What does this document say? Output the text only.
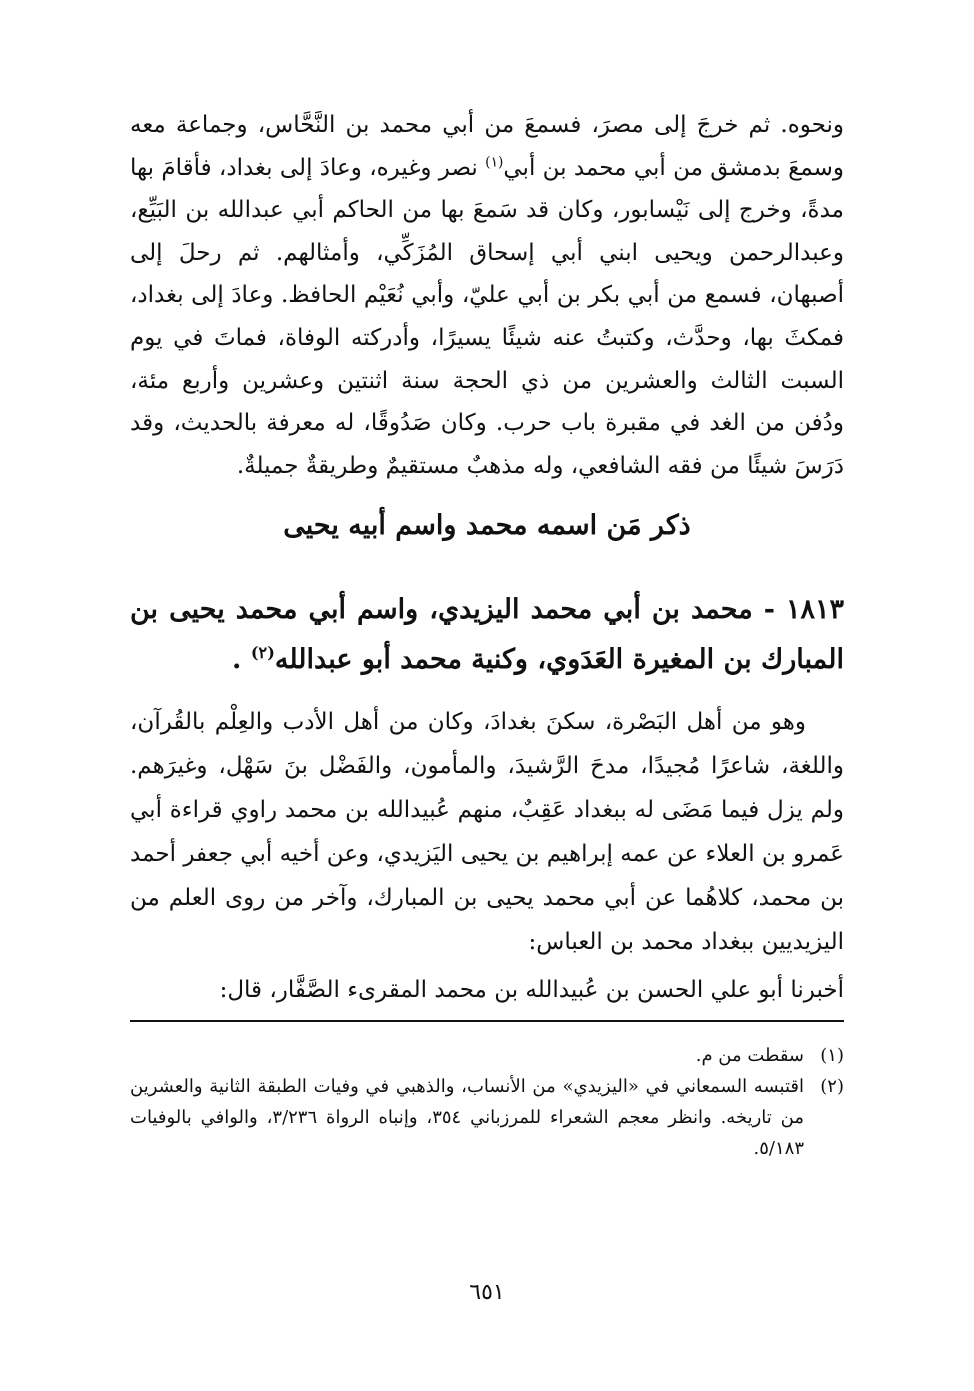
ونحوه. ثم خرجَ إلى مصرَ، فسمعَ من أبي محمد بن النَّحَّاس، وجماعة معه وسمعَ بدمشق من أبي محمد بن أبي$^{(١)}$ نصر وغيره، وعادَ إلى بغداد، فأقامَ بها مدةً، وخرج إلى نَيْسابور، وكان قد سَمعَ بها من الحاكم أبي عبدالله بن البَيِّع، وعبدالرحمن ويحيى ابني أبي إسحاق المُزَكِّي، وأمثالهم. ثم رحلَ إلى أصبهان، فسمع من أبي بكر بن أبي عليّ، وأبي نُعَيْم الحافظ. وعادَ إلى بغداد، فمكثَ بها، وحدَّث، وكتبتُ عنه شيئًا يسيرًا، وأدركته الوفاة، فماتَ في يوم السبت الثالث والعشرين من ذي الحجة سنة اثنتين وعشرين وأربع مئة، ودُفن من الغد في مقبرة باب حرب. وكان صَدُوقًا، له معرفة بالحديث، وقد دَرَسَ شيئًا من فقه الشافعي، وله مذهبٌ مستقيمٌ وطريقةٌ جميلةٌ.

ذكر مَن اسمه محمد واسم أبيه يحيى

١٨١٣ - محمد بن أبي محمد اليزيدي، واسم أبي محمد يحيى بن المبارك بن المغيرة العَدَوي، وكنية محمد أبو عبدالله$^{(٢)}$ .

وهو من أهل البَصْرة، سكنَ بغدادَ، وكان من أهل الأدب والعِلْم بالقُرآن، واللغة، شاعرًا مُجيدًا، مدحَ الرَّشيدَ، والمأمون، والفَضْل بنَ سَهْل، وغيرَهم. ولم يزل فيما مَضَى له ببغداد عَقِبٌ، منهم عُبيدالله بن محمد راوي قراءة أبي عَمرو بن العلاء عن عمه إبراهيم بن يحيى اليَزيدي، وعن أخيه أبي جعفر أحمد بن محمد، كلاهُما عن أبي محمد يحيى بن المبارك، وآخر من روى العلم من اليزيديين ببغداد محمد بن العباس:

أخبرنا أبو علي الحسن بن عُبيدالله بن محمد المقرىء الصَّفَّار، قال:

(١)
سقطت من م.
(٢)
اقتبسه السمعاني في «اليزيدي» من الأنساب، والذهبي في وفيات الطبقة الثانية والعشرين من تاريخه. وانظر معجم الشعراء للمرزباني ٣٥٤، وإنباه الرواة ٣/٢٣٦، والوافي بالوفيات ٥/١٨٣.
٦٥١
